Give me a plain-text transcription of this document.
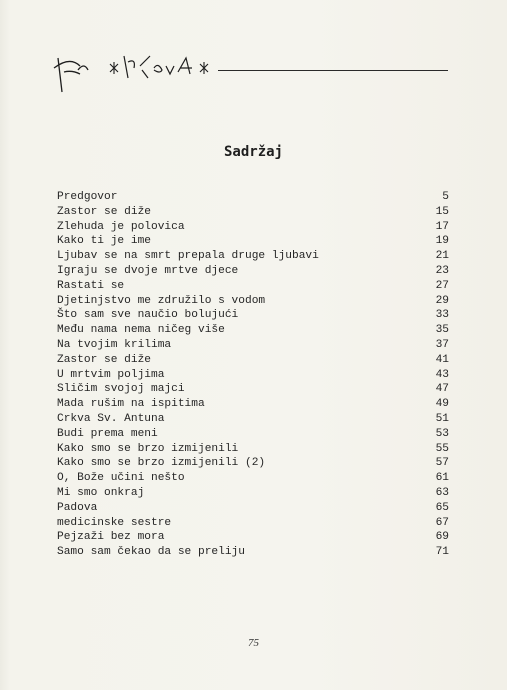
Sadržaj
Predgovor	5
Zastor se diže	15
Zlehuda je polovica	17
Kako ti je ime	19
Ljubav se na smrt prepala druge ljubavi	21
Igraju se dvoje mrtve djece	23
Rastati se	27
Djetinjstvo me združilo s vodom	29
Što sam sve naučio bolujući	33
Među nama nema ničeg više	35
Na tvojim krilima	37
Zastor se diže	41
U mrtvim poljima	43
Sličim svojoj majci	47
Mada rušim na ispitima	49
Crkva Sv. Antuna	51
Budi prema meni	53
Kako smo se brzo izmijenili	55
Kako smo se brzo izmijenili (2)	57
O, Bože učini nešto	61
Mi smo onkraj	63
Padova	65
medicinske sestre	67
Pejzaži bez mora	69
Samo sam čekao da se preliju	71
75
